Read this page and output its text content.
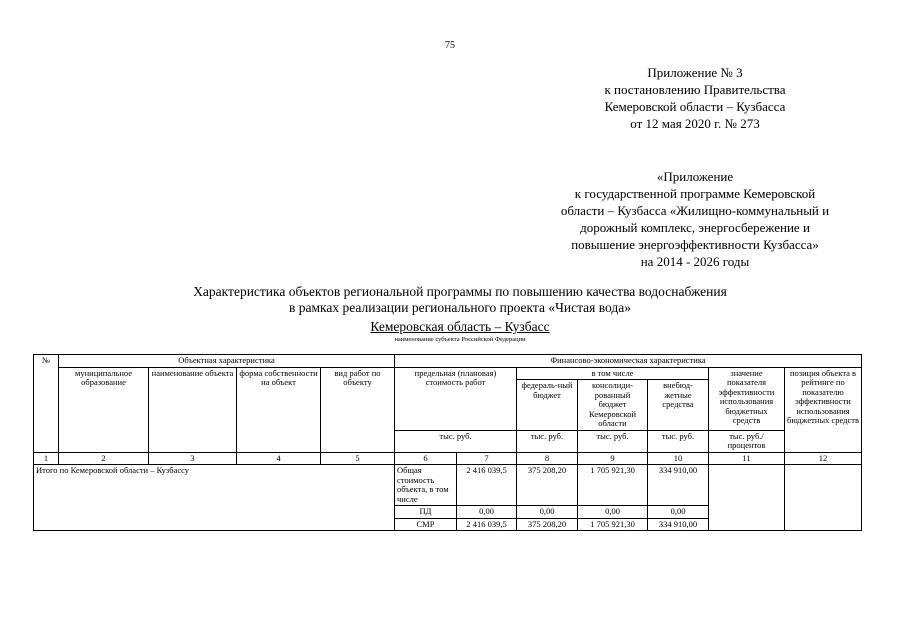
75
Приложение № 3
к постановлению Правительства
Кемеровской области – Кузбасса
от 12 мая 2020 г. № 273
«Приложение
к государственной программе Кемеровской
области – Кузбасса «Жилищно-коммунальный и
дорожный комплекс, энергосбережение и
повышение энергоэффективности Кузбасса»
на 2014 - 2026 годы
Характеристика объектов региональной программы по повышению качества водоснабжения
в рамках реализации регионального проекта «Чистая вода»
Кемеровская область – Кузбасс
наименование субъекта Российской Федерации
№	Объектная характеристика				Финансово-экономическая характеристика						
	муниципальное образование	наименование объекта	форма собственности на объект	вид работ по объекту	предельная (плановая) стоимость работ		в том числе			значение показателя эффективности использования бюджетных средств	позиция объекта в рейтинге по показателю эффективности использования бюджетных средств
							федераль-ный бюджет	консолиди-рованный бюджет Кемеровской области	внебюд-жетные средства		
					тыс. руб.		тыс. руб.	тыс. руб.	тыс. руб.	тыс. руб./ процентов	
1	2	3	4	5	6	7	8	9	10	11	12
Итого по Кемеровской области – Кузбассу					Общая стоимость объекта, в том числе	2 416 039,5	375 208,20	1 705 921,30	334 910,00		
					ПД	0,00	0,00	0,00	0,00		
					СМР	2 416 039,5	375 208,20	1 705 921,30	334 910,00		
